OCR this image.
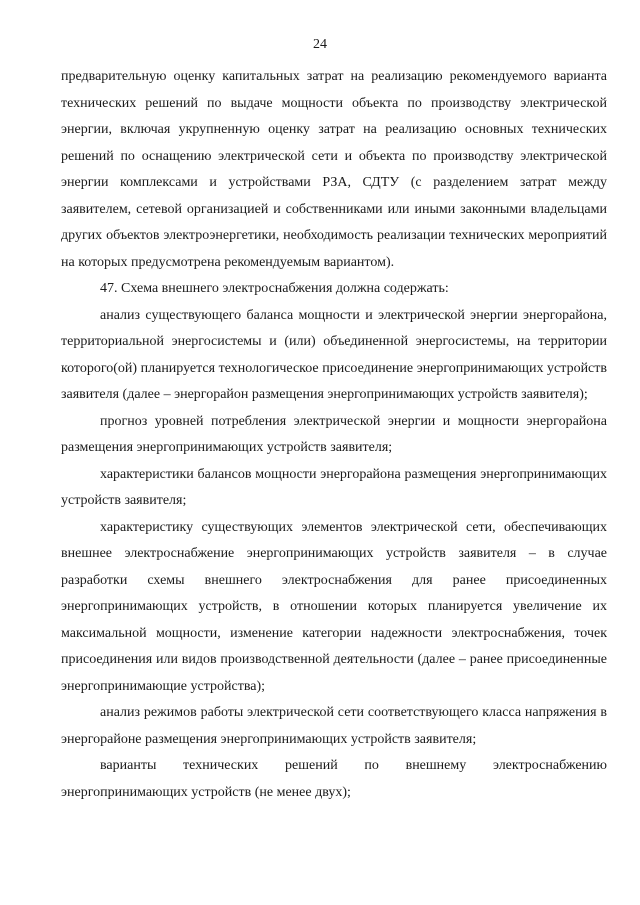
24

предварительную оценку капитальных затрат на реализацию рекомендуемого варианта технических решений по выдаче мощности объекта по производству электрической энергии, включая укрупненную оценку затрат на реализацию основных технических решений по оснащению электрической сети и объекта по производству электрической энергии комплексами и устройствами РЗА, СДТУ (с разделением затрат между заявителем, сетевой организацией и собственниками или иными законными владельцами других объектов электроэнергетики, необходимость реализации технических мероприятий на которых предусмотрена рекомендуемым вариантом).

47. Схема внешнего электроснабжения должна содержать:

анализ существующего баланса мощности и электрической энергии энергорайона, территориальной энергосистемы и (или) объединенной энергосистемы, на территории которого(ой) планируется технологическое присоединение энергопринимающих устройств заявителя (далее – энергорайон размещения энергопринимающих устройств заявителя);

прогноз уровней потребления электрической энергии и мощности энергорайона размещения энергопринимающих устройств заявителя;

характеристики балансов мощности энергорайона размещения энергопринимающих устройств заявителя;

характеристику существующих элементов электрической сети, обеспечивающих внешнее электроснабжение энергопринимающих устройств заявителя – в случае разработки схемы внешнего электроснабжения для ранее присоединенных энергопринимающих устройств, в отношении которых планируется увеличение их максимальной мощности, изменение категории надежности электроснабжения, точек присоединения или видов производственной деятельности (далее – ранее присоединенные энергопринимающие устройства);

анализ режимов работы электрической сети соответствующего класса напряжения в энергорайоне размещения энергопринимающих устройств заявителя;

варианты технических решений по внешнему электроснабжению энергопринимающих устройств (не менее двух);
